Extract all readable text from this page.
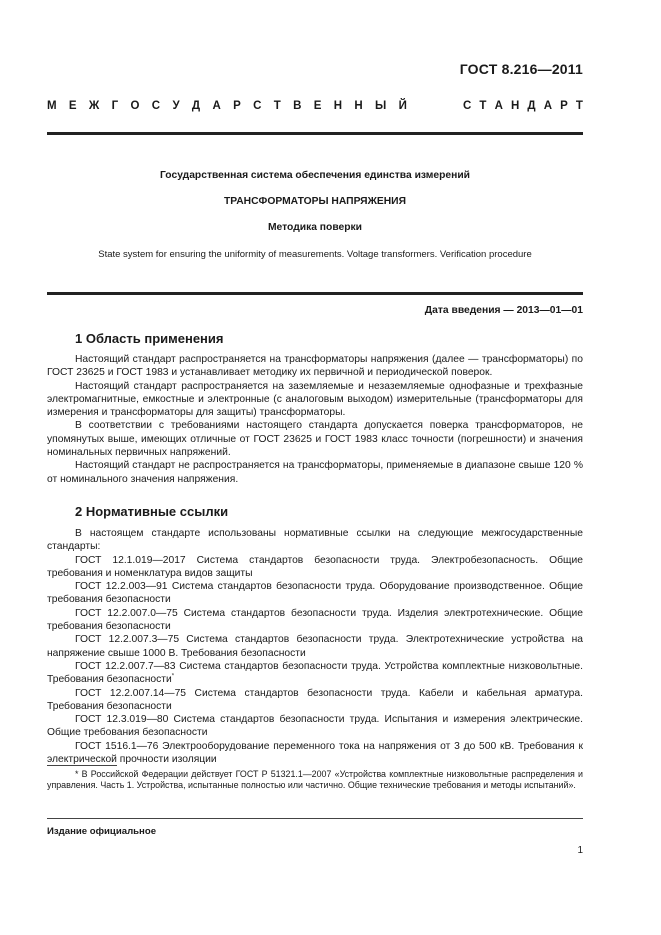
ГОСТ 8.216—2011
М Е Ж Г О С У Д А Р С Т В Е Н Н Ы Й	С Т А Н Д А Р Т
Государственная система обеспечения единства измерений
ТРАНСФОРМАТОРЫ НАПРЯЖЕНИЯ
Методика поверки
State system for ensuring the uniformity of measurements. Voltage transformers. Verification procedure
Дата введения — 2013—01—01
1 Область применения

Настоящий стандарт распространяется на трансформаторы напряжения (далее — трансформаторы) по ГОСТ 23625 и ГОСТ 1983 и устанавливает методику их первичной и периодической поверок.

Настоящий стандарт распространяется на заземляемые и незаземляемые однофазные и трехфазные электромагнитные, емкостные и электронные (с аналоговым выходом) измерительные (трансформаторы для измерения и трансформаторы для защиты) трансформаторы.

В соответствии с требованиями настоящего стандарта допускается поверка трансформаторов, не упомянутых выше, имеющих отличные от ГОСТ 23625 и ГОСТ 1983 класс точности (погрешности) и значения номинальных первичных напряжений.

Настоящий стандарт не распространяется на трансформаторы, применяемые в диапазоне свыше 120 % от номинального значения напряжения.

2 Нормативные ссылки

В настоящем стандарте использованы нормативные ссылки на следующие межгосударственные стандарты:

ГОСТ 12.1.019—2017 Система стандартов безопасности труда. Электробезопасность. Общие требования и номенклатура видов защиты

ГОСТ 12.2.003—91 Система стандартов безопасности труда. Оборудование производственное. Общие требования безопасности

ГОСТ 12.2.007.0—75 Система стандартов безопасности труда. Изделия электротехнические. Общие требования безопасности

ГОСТ 12.2.007.3—75 Система стандартов безопасности труда. Электротехнические устройства на напряжение свыше 1000 В. Требования безопасности

ГОСТ 12.2.007.7—83 Система стандартов безопасности труда. Устройства комплектные низковольтные. Требования безопасности*

ГОСТ 12.2.007.14—75 Система стандартов безопасности труда. Кабели и кабельная арматура. Требования безопасности

ГОСТ 12.3.019—80 Система стандартов безопасности труда. Испытания и измерения электрические. Общие требования безопасности

ГОСТ 1516.1—76 Электрооборудование переменного тока на напряжения от 3 до 500 кВ. Требования к электрической прочности изоляции

* В Российской Федерации действует ГОСТ Р 51321.1—2007 «Устройства комплектные низковольтные распределения и управления. Часть 1. Устройства, испытанные полностью или частично. Общие технические требования и методы испытаний».

Издание официальное
1
